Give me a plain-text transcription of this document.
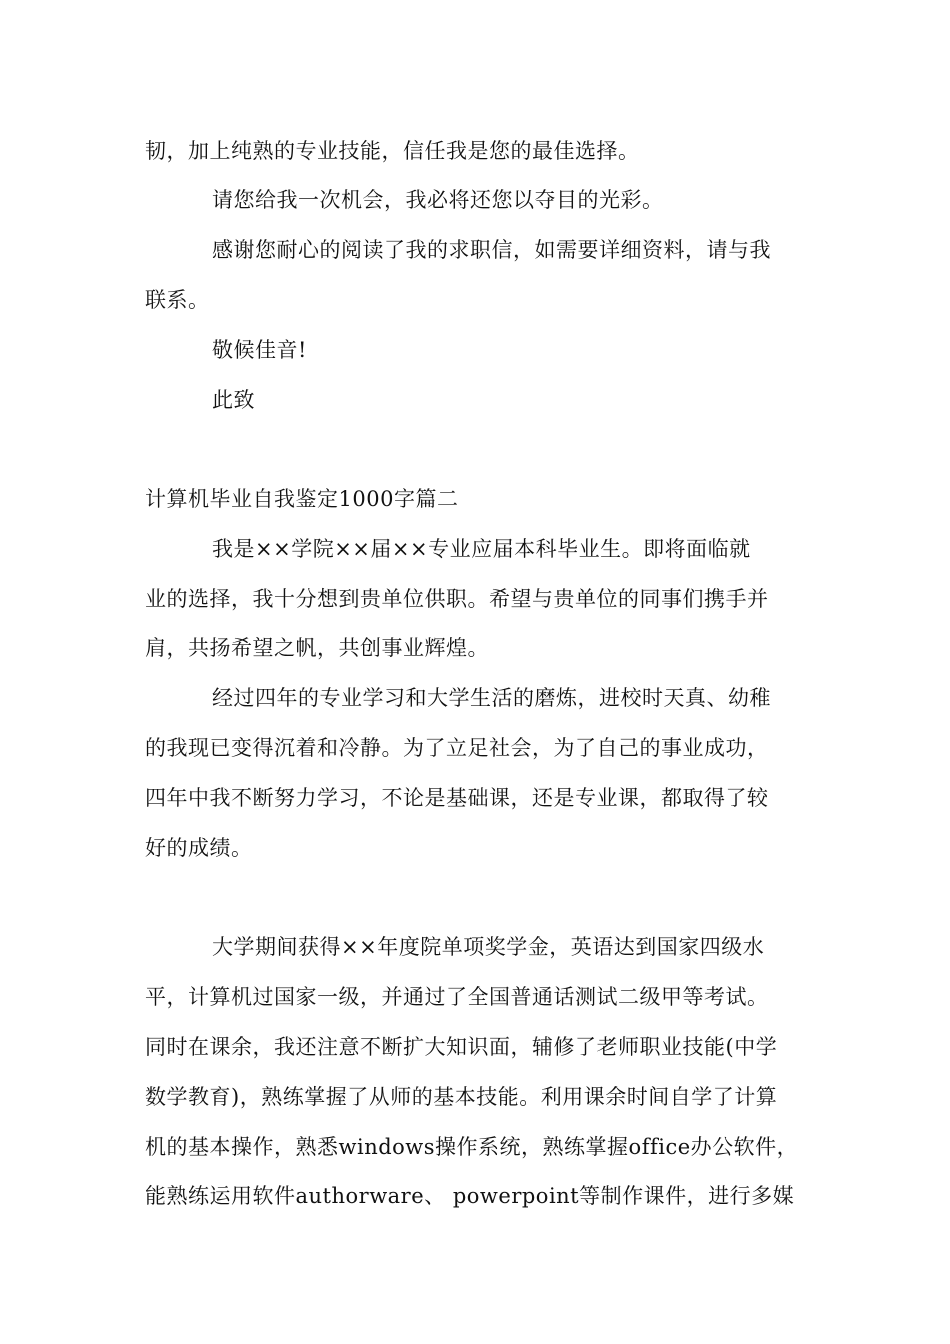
韧，加上纯熟的专业技能，信任我是您的最佳选择。
请您给我一次机会，我必将还您以夺目的光彩。
感谢您耐心的阅读了我的求职信，如需要详细资料，请与我
联系。
敬候佳音!
此致
计算机毕业自我鉴定1000字篇二
我是××学院××届××专业应届本科毕业生。即将面临就
业的选择，我十分想到贵单位供职。希望与贵单位的同事们携手并
肩，共扬希望之帆，共创事业辉煌。
经过四年的专业学习和大学生活的磨炼，进校时天真、幼稚
的我现已变得沉着和冷静。为了立足社会，为了自己的事业成功，
四年中我不断努力学习，不论是基础课，还是专业课，都取得了较
好的成绩。
大学期间获得××年度院单项奖学金，英语达到国家四级水
平，计算机过国家一级，并通过了全国普通话测试二级甲等考试。
同时在课余，我还注意不断扩大知识面，辅修了老师职业技能(中学
数学教育)，熟练掌握了从师的基本技能。利用课余时间自学了计算
机的基本操作，熟悉windows操作系统，熟练掌握office办公软件，
能熟练运用软件authorware、 powerpoint等制作课件，进行多媒
